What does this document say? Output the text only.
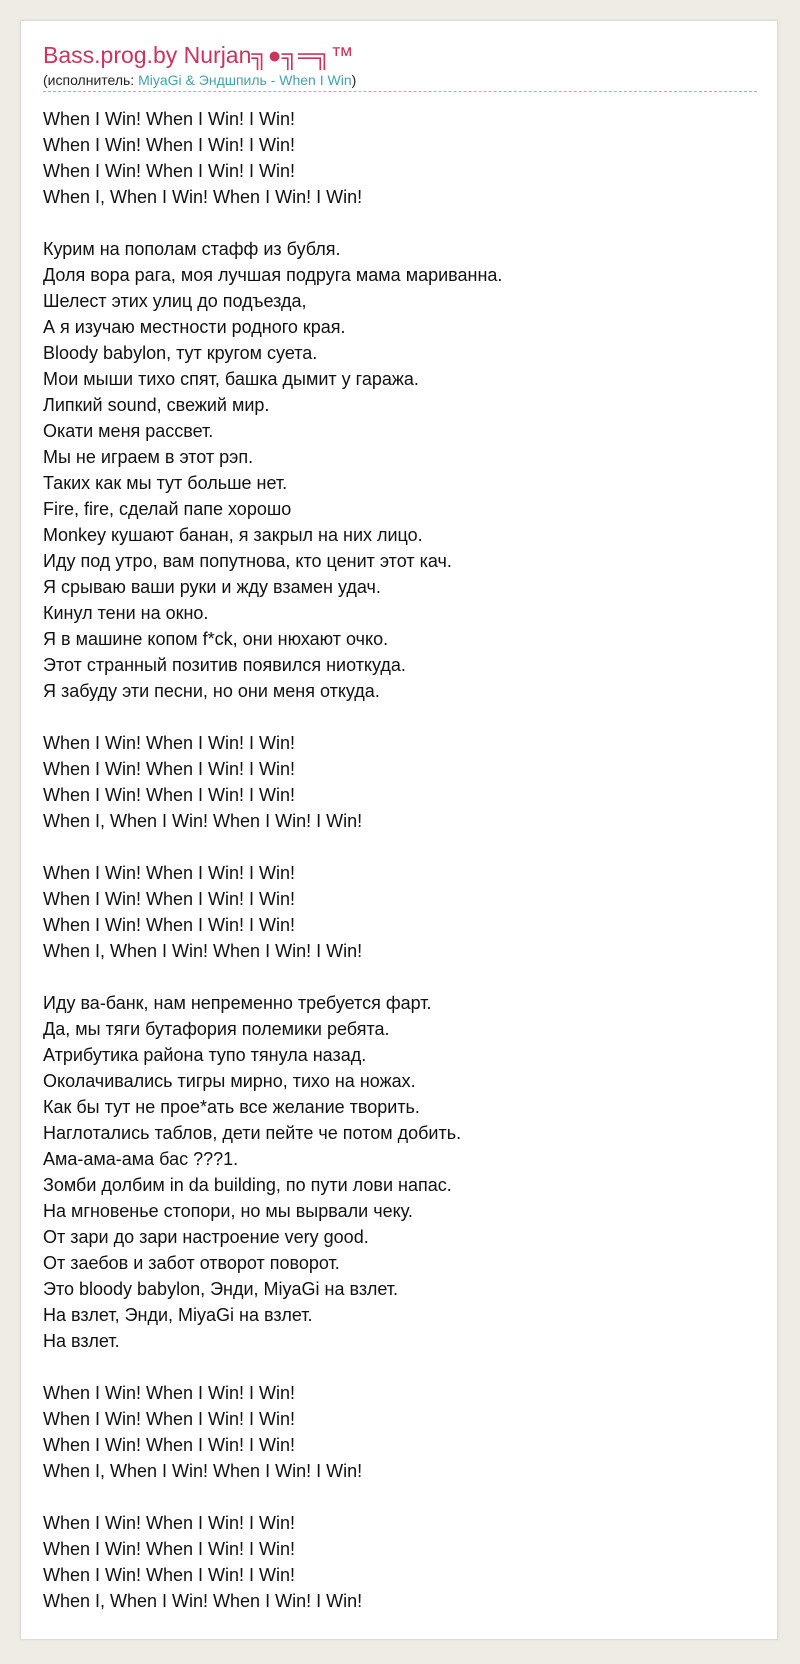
Bass.prog.by Nurjan╗●╗═╗™
(исполнитель: MiyaGi & Эндшпиль - When I Win)
When I Win! When I Win! I Win!
When I Win! When I Win! I Win!
When I Win! When I Win! I Win!
When I, When I Win! When I Win! I Win!
Курим на пополам стафф из бубля.
Доля вора рага, моя лучшая подруга мама мариванна.
Шелест этих улиц до подъезда,
А я изучаю местности родного края.
Bloody babylon, тут кругом суета.
Мои мыши тихо спят, башка дымит у гаража.
Липкий sound, свежий мир.
Окати меня рассвет.
Мы не играем в этот рэп.
Таких как мы тут больше нет.
Fire, fire, сделай папе хорошо
Monkey кушают банан, я закрыл на них лицо.
Иду под утро, вам попутнова, кто ценит этот кач.
Я срываю ваши руки и жду взамен удач.
Кинул тени на окно.
Я в машине копом f*ck, они нюхают очко.
Этот странный позитив появился ниоткуда.
Я забуду эти песни, но они меня откуда.
When I Win! When I Win! I Win!
When I Win! When I Win! I Win!
When I Win! When I Win! I Win!
When I, When I Win! When I Win! I Win!
When I Win! When I Win! I Win!
When I Win! When I Win! I Win!
When I Win! When I Win! I Win!
When I, When I Win! When I Win! I Win!
Иду ва-банк, нам непременно требуется фарт.
Да, мы тяги бутафория полемики ребята.
Атрибутика района тупо тянула назад.
Околачивались тигры мирно, тихо на ножах.
Как бы тут не прое*ать все желание творить.
Наглотались таблов, дети пейте че потом добить.
Ама-ама-ама бас ???1.
Зомби долбим in da building, по пути лови напас.
На мгновенье стопори, но мы вырвали чеку.
От зари до зари настроение very good.
От заебов и забот отворот поворот.
Это bloody babylon, Энди, MiyaGi на взлет.
На взлет, Энди, MiyaGi на взлет.
На взлет.
When I Win! When I Win! I Win!
When I Win! When I Win! I Win!
When I Win! When I Win! I Win!
When I, When I Win! When I Win! I Win!
When I Win! When I Win! I Win!
When I Win! When I Win! I Win!
When I Win! When I Win! I Win!
When I, When I Win! When I Win! I Win!
